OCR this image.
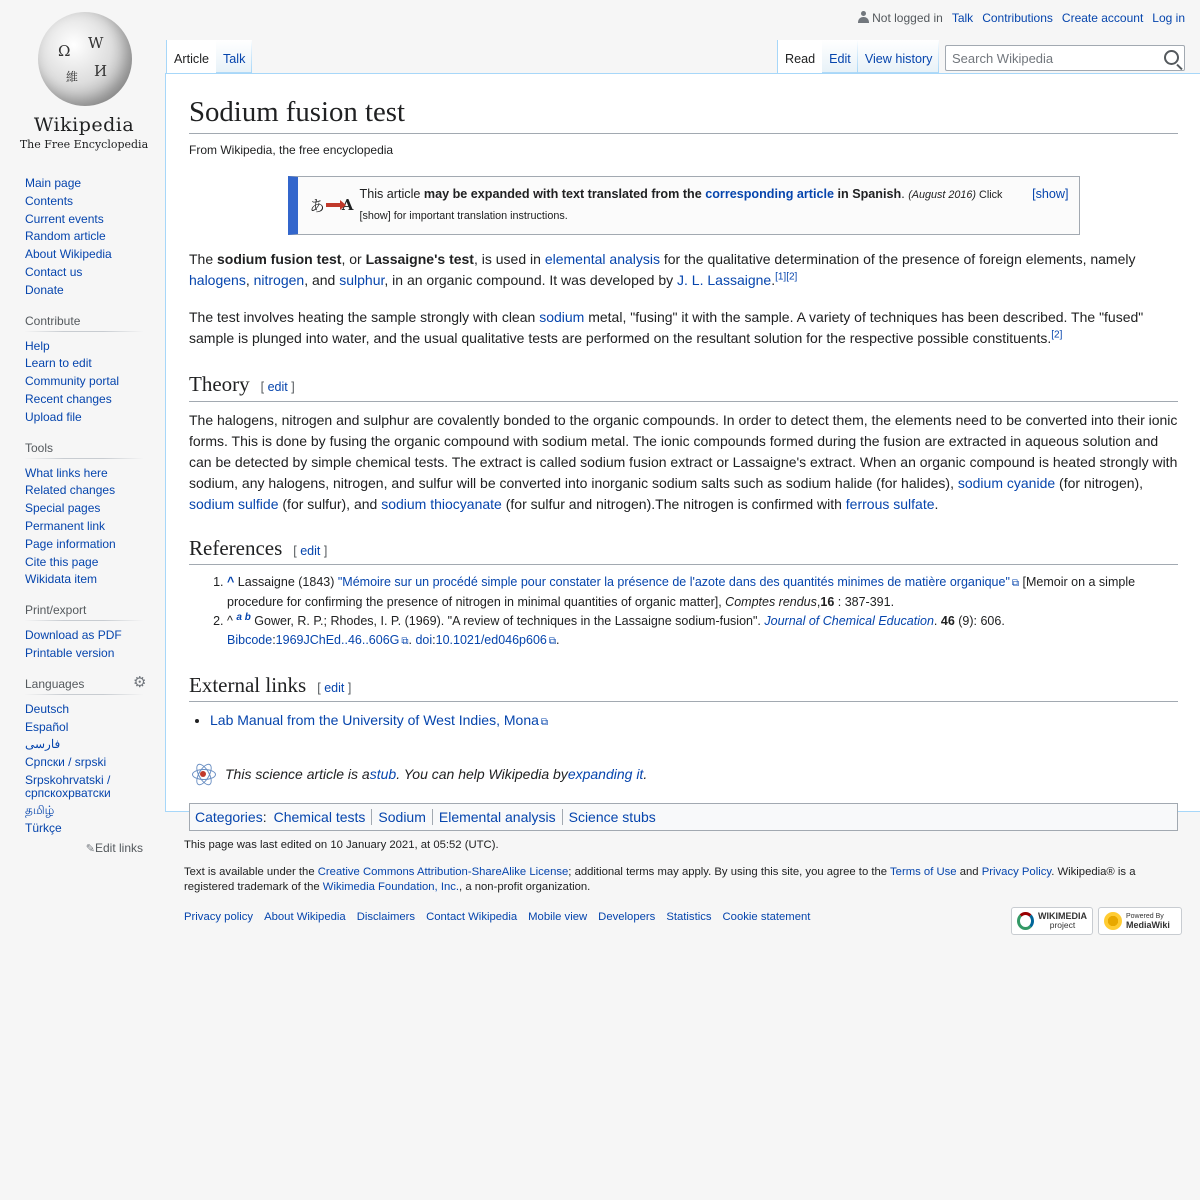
Ω W
維 И
Wikipedia
The Free Encyclopedia
Not logged in Talk Contributions Create account Log in
Article	Talk	Read	Edit	View history
Search Wikipedia
Main page
Contents
Current events
Random article
About Wikipedia
Contact us
Donate
Contribute
Help
Learn to edit
Community portal
Recent changes
Upload file
Tools
What links here
Related changes
Special pages
Permanent link
Page information
Cite this page
Wikidata item
Print/export
Download as PDF
Printable version
Languages	⚙
Deutsch
Español
فارسی
Српски / srpski
Srpskohrvatski / српскохрватски
தமிழ்
Türkçe
✎Edit links
Sodium fusion test
From Wikipedia, the free encyclopedia
あ A
This article may be expanded with text translated from the corresponding article in Spanish. (August 2016) Click [show] for important translation instructions.
[show]

The sodium fusion test, or Lassaigne's test, is used in elemental analysis for the qualitative determination of the presence of foreign elements, namely halogens, nitrogen, and sulphur, in an organic compound. It was developed by J. L. Lassaigne.[1][2]

The test involves heating the sample strongly with clean sodium metal, "fusing" it with the sample. A variety of techniques has been described. The "fused" sample is plunged into water, and the usual qualitative tests are performed on the resultant solution for the respective possible constituents.[2]

Theory [ edit ]

The halogens, nitrogen and sulphur are covalently bonded to the organic compounds. In order to detect them, the elements need to be converted into their ionic forms. This is done by fusing the organic compound with sodium metal. The ionic compounds formed during the fusion are extracted in aqueous solution and can be detected by simple chemical tests. The extract is called sodium fusion extract or Lassaigne's extract. When an organic compound is heated strongly with sodium, any halogens, nitrogen, and sulfur will be converted into inorganic sodium salts such as sodium halide (for halides), sodium cyanide (for nitrogen), sodium sulfide (for sulfur), and sodium thiocyanate (for sulfur and nitrogen).The nitrogen is confirmed with ferrous sulfate.

References [ edit ]
1. ^ Lassaigne (1843) "Mémoire sur un procédé simple pour constater la présence de l'azote dans des quantités minimes de matière organique" ⧉ [Memoir on a simple procedure for confirming the presence of nitrogen in minimal quantities of organic matter], Comptes rendus,16 : 387-391.
2. ^ $^{a b}$ Gower, R. P.; Rhodes, I. P. (1969). "A review of techniques in the Lassaigne sodium-fusion". Journal of Chemical Education. 46 (9): 606. Bibcode:1969JChEd..46..606G ⧉ . doi:10.1021/ed046p606 ⧉ .
External links [ edit ]
• Lab Manual from the University of West Indies, Mona ⧉
This science article is a stub . You can help Wikipedia by expanding it .
Categories : Chemical tests Sodium Elemental analysis Science stubs

This page was last edited on 10 January 2021, at 05:52 (UTC).

Text is available under the Creative Commons Attribution-ShareAlike License; additional terms may apply. By using this site, you agree to the Terms of Use and Privacy Policy. Wikipedia® is a registered trademark of the Wikimedia Foundation, Inc., a non-profit organization.

Privacy policy About Wikipedia Disclaimers Contact Wikipedia Mobile view Developers Statistics Cookie statement	WIKIMEDIA
project
Powered By
MediaWiki
